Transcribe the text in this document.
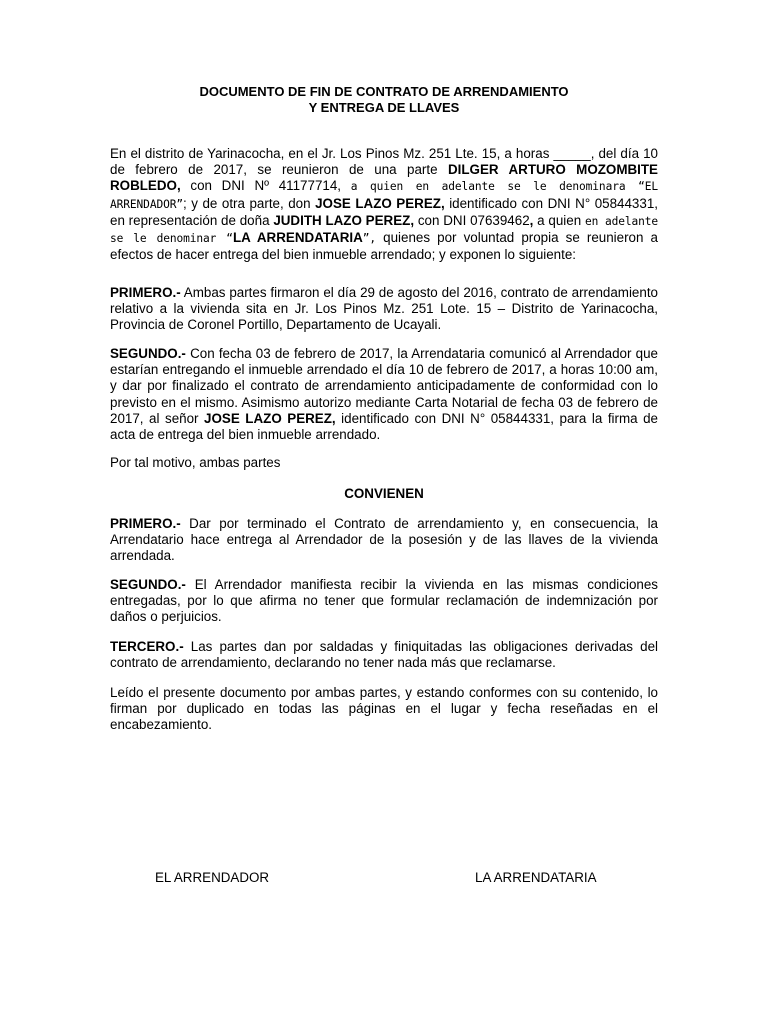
DOCUMENTO DE FIN DE CONTRATO DE ARRENDAMIENTO
Y ENTREGA DE LLAVES

En el distrito de Yarinacocha, en el Jr. Los Pinos Mz. 251 Lte. 15, a horas _____, del día 10 de febrero de 2017, se reunieron de una parte DILGER ARTURO MOZOMBITE ROBLEDO, con DNI Nº 41177714, a quien en adelante se le denominara “EL ARRENDADOR”; y de otra parte, don JOSE LAZO PEREZ, identificado con DNI N° 05844331, en representación de doña JUDITH LAZO PEREZ, con DNI 07639462, a quien en adelante se le denominar “LA ARRENDATARIA”, quienes por voluntad propia se reunieron a efectos de hacer entrega del bien inmueble arrendado; y exponen lo siguiente:

PRIMERO.- Ambas partes firmaron el día 29 de agosto del 2016, contrato de arrendamiento relativo a la vivienda sita en Jr. Los Pinos Mz. 251 Lote. 15 – Distrito de Yarinacocha, Provincia de Coronel Portillo, Departamento de Ucayali.

SEGUNDO.- Con fecha 03 de febrero de 2017, la Arrendataria comunicó al Arrendador que estarían entregando el inmueble arrendado el día 10 de febrero de 2017, a horas 10:00 am, y dar por finalizado el contrato de arrendamiento anticipadamente de conformidad con lo previsto en el mismo. Asimismo autorizo mediante Carta Notarial de fecha 03 de febrero de 2017, al señor JOSE LAZO PEREZ, identificado con DNI N° 05844331, para la firma de acta de entrega del bien inmueble arrendado.

Por tal motivo, ambas partes

CONVIENEN

PRIMERO.- Dar por terminado el Contrato de arrendamiento y, en consecuencia, la Arrendatario hace entrega al Arrendador de la posesión y de las llaves de la vivienda arrendada.

SEGUNDO.- El Arrendador manifiesta recibir la vivienda en las mismas condiciones entregadas, por lo que afirma no tener que formular reclamación de indemnización por daños o perjuicios.

TERCERO.- Las partes dan por saldadas y finiquitadas las obligaciones derivadas del contrato de arrendamiento, declarando no tener nada más que reclamarse.

Leído el presente documento por ambas partes, y estando conformes con su contenido, lo firman por duplicado en todas las páginas en el lugar y fecha reseñadas en el encabezamiento.

EL ARRENDADOR	LA ARRENDATARIA
